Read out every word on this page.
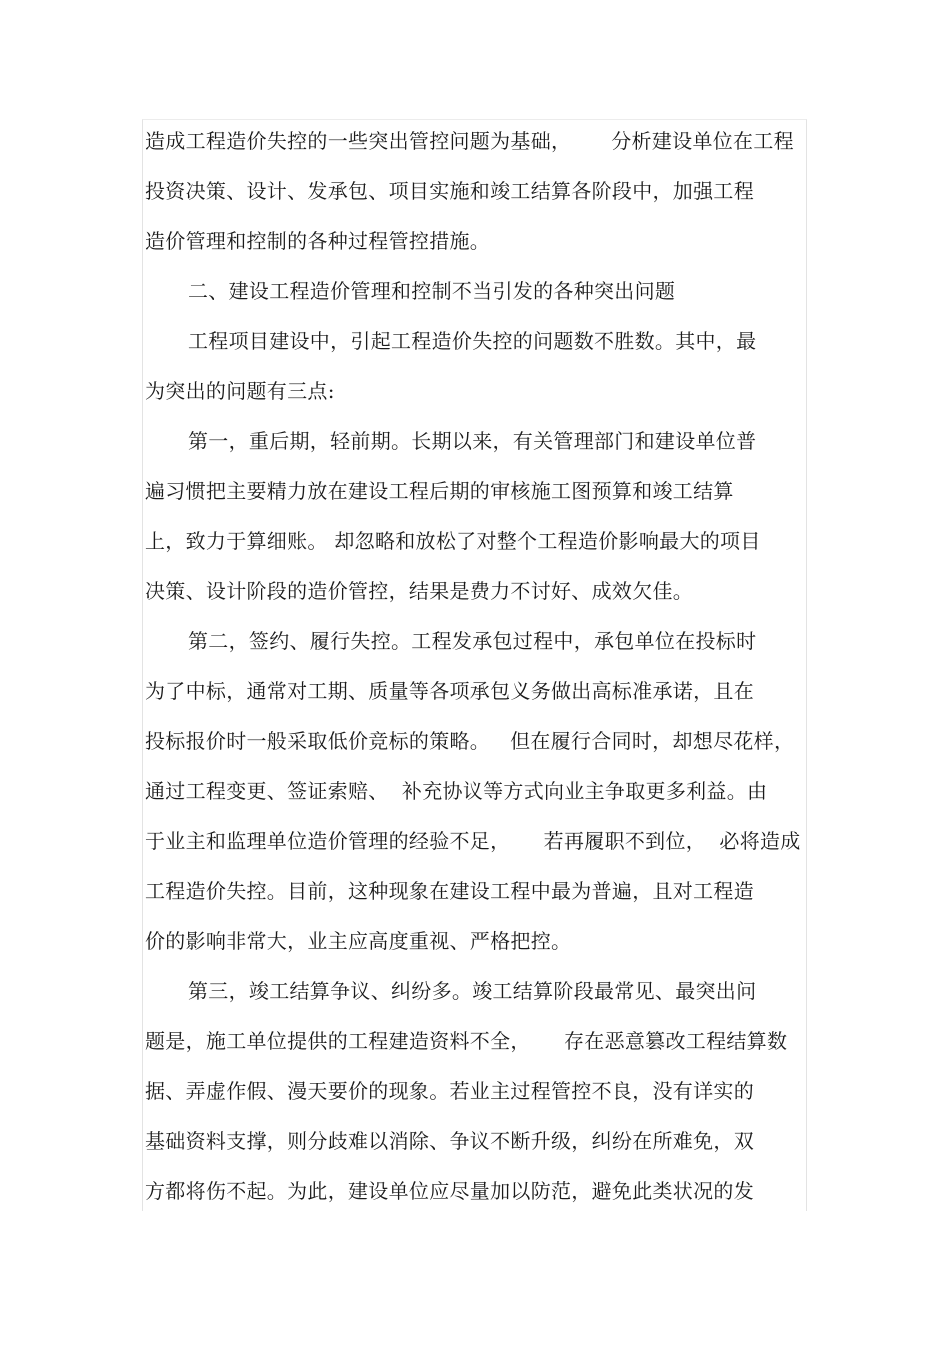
造成工程造价失控的一些突出管控问题为基础，      分析建设单位在工程
投资决策、设计、发承包、项目实施和竣工结算各阶段中，加强工程
造价管理和控制的各种过程管控措施。
二、建设工程造价管理和控制不当引发的各种突出问题
工程项目建设中，引起工程造价失控的问题数不胜数。其中，最
为突出的问题有三点:
第一，重后期，轻前期。长期以来，有关管理部门和建设单位普
遍习惯把主要精力放在建设工程后期的审核施工图预算和竣工结算
上，致力于算细账。 却忽略和放松了对整个工程造价影响最大的项目
决策、设计阶段的造价管控，结果是费力不讨好、成效欠佳。
第二，签约、履行失控。工程发承包过程中，承包单位在投标时
为了中标，通常对工期、质量等各项承包义务做出高标准承诺，且在
投标报价时一般采取低价竞标的策略。   但在履行合同时，却想尽花样，
通过工程变更、签证索赔、  补充协议等方式向业主争取更多利益。由
于业主和监理单位造价管理的经验不足，     若再履职不到位，  必将造成
工程造价失控。目前，这种现象在建设工程中最为普遍，且对工程造
价的影响非常大，业主应高度重视、严格把控。
第三，竣工结算争议、纠纷多。竣工结算阶段最常见、最突出问
题是，施工单位提供的工程建造资料不全，     存在恶意篡改工程结算数
据、弄虚作假、漫天要价的现象。若业主过程管控不良，没有详实的
基础资料支撑，则分歧难以消除、争议不断升级，纠纷在所难免，双
方都将伤不起。为此，建设单位应尽量加以防范，避免此类状况的发
